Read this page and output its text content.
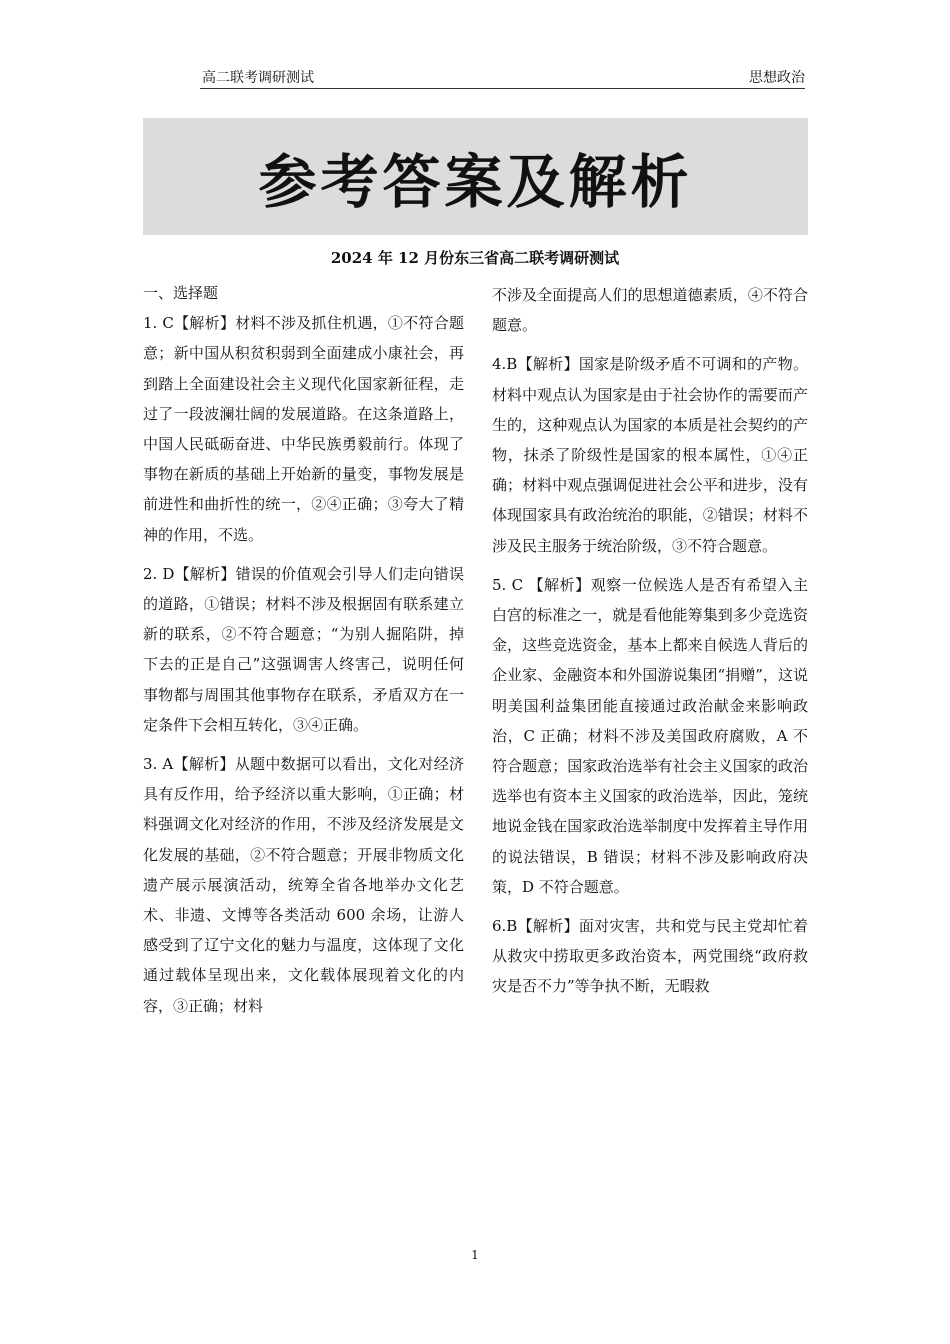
高二联考调研测试	思想政治
参考答案及解析
2024 年 12 月份东三省高二联考调研测试

一、选择题

1. C【解析】材料不涉及抓住机遇，①不符合题意；新中国从积贫积弱到全面建成小康社会，再到踏上全面建设社会主义现代化国家新征程，走过了一段波澜壮阔的发展道路。在这条道路上，中国人民砥砺奋进、中华民族勇毅前行。体现了事物在新质的基础上开始新的量变，事物发展是前进性和曲折性的统一，②④正确；③夸大了精神的作用，不选。

2. D【解析】错误的价值观会引导人们走向错误的道路，①错误；材料不涉及根据固有联系建立新的联系，②不符合题意；“为别人掘陷阱，掉下去的正是自己”这强调害人终害己，说明任何事物都与周围其他事物存在联系，矛盾双方在一定条件下会相互转化，③④正确。

3. A【解析】从题中数据可以看出，文化对经济具有反作用，给予经济以重大影响，①正确；材料强调文化对经济的作用，不涉及经济发展是文化发展的基础，②不符合题意；开展非物质文化遗产展示展演活动，统筹全省各地举办文化艺术、非遗、文博等各类活动 600 余场，让游人感受到了辽宁文化的魅力与温度，这体现了文化通过载体呈现出来，文化载体展现着文化的内容，③正确；材料

不涉及全面提高人们的思想道德素质，④不符合题意。

4.B【解析】国家是阶级矛盾不可调和的产物。材料中观点认为国家是由于社会协作的需要而产生的，这种观点认为国家的本质是社会契约的产物，抹杀了阶级性是国家的根本属性，①④正确；材料中观点强调促进社会公平和进步，没有体现国家具有政治统治的职能，②错误；材料不涉及民主服务于统治阶级，③不符合题意。

5. C 【解析】观察一位候选人是否有希望入主白宫的标准之一，就是看他能筹集到多少竞选资金，这些竞选资金，基本上都来自候选人背后的企业家、金融资本和外国游说集团“捐赠”，这说明美国利益集团能直接通过政治献金来影响政治，C 正确；材料不涉及美国政府腐败，A 不符合题意；国家政治选举有社会主义国家的政治选举也有资本主义国家的政治选举，因此，笼统地说金钱在国家政治选举制度中发挥着主导作用的说法错误，B 错误；材料不涉及影响政府决策，D 不符合题意。

6.B【解析】面对灾害，共和党与民主党却忙着从救灾中捞取更多政治资本，两党围绕“政府救灾是否不力”等争执不断，无暇救

1
